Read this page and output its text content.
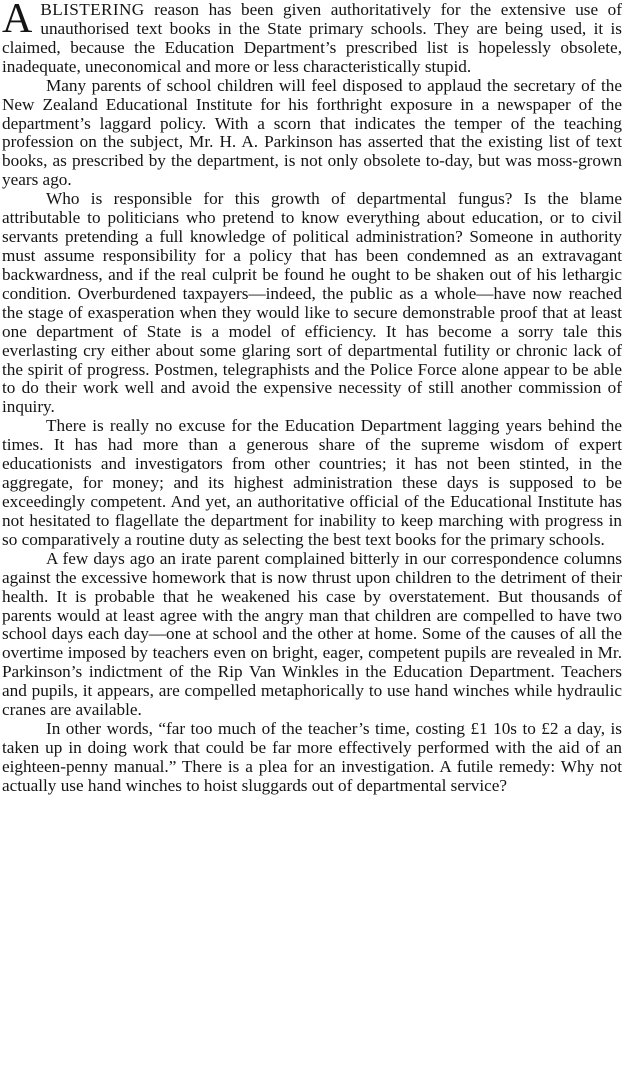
ABLISTERING reason has been given authoritatively for the extensive use of unauthorised text books in the State primary schools. They are being used, it is claimed, because the Education Department’s prescribed list is hopelessly obsolete, inadequate, uneconomical and more or less characteristically stupid.

Many parents of school children will feel disposed to applaud the secretary of the New Zealand Educational Institute for his forthright exposure in a newspaper of the department’s laggard policy. With a scorn that indicates the temper of the teaching profession on the subject, Mr. H. A. Parkinson has asserted that the existing list of text books, as prescribed by the department, is not only obsolete to-day, but was moss-grown years ago.

Who is responsible for this growth of departmental fungus? Is the blame attributable to politicians who pretend to know everything about education, or to civil servants pretending a full knowledge of political administration? Someone in authority must assume responsibility for a policy that has been condemned as an extravagant backwardness, and if the real culprit be found he ought to be shaken out of his lethargic condition. Overburdened taxpayers—indeed, the public as a whole—have now reached the stage of exasperation when they would like to secure demonstrable proof that at least one department of State is a model of efficiency. It has become a sorry tale this everlasting cry either about some glaring sort of departmental futility or chronic lack of the spirit of progress. Postmen, telegraphists and the Police Force alone appear to be able to do their work well and avoid the expensive necessity of still another commission of inquiry.

There is really no excuse for the Education Department lagging years behind the times. It has had more than a generous share of the supreme wisdom of expert educationists and investigators from other countries; it has not been stinted, in the aggregate, for money; and its highest administration these days is supposed to be exceedingly competent. And yet, an authoritative official of the Educational Institute has not hesitated to flagellate the department for inability to keep marching with progress in so comparatively a routine duty as selecting the best text books for the primary schools.

A few days ago an irate parent complained bitterly in our correspondence columns against the excessive homework that is now thrust upon children to the detriment of their health. It is probable that he weakened his case by overstatement. But thousands of parents would at least agree with the angry man that children are compelled to have two school days each day—one at school and the other at home. Some of the causes of all the overtime imposed by teachers even on bright, eager, competent pupils are revealed in Mr. Parkinson’s indictment of the Rip Van Winkles in the Education Department. Teachers and pupils, it appears, are compelled metaphorically to use hand winches while hydraulic cranes are available.

In other words, “far too much of the teacher’s time, costing £1 10s to £2 a day, is taken up in doing work that could be far more effectively performed with the aid of an eighteen-penny manual.” There is a plea for an investigation. A futile remedy: Why not actually use hand winches to hoist sluggards out of departmental service?
